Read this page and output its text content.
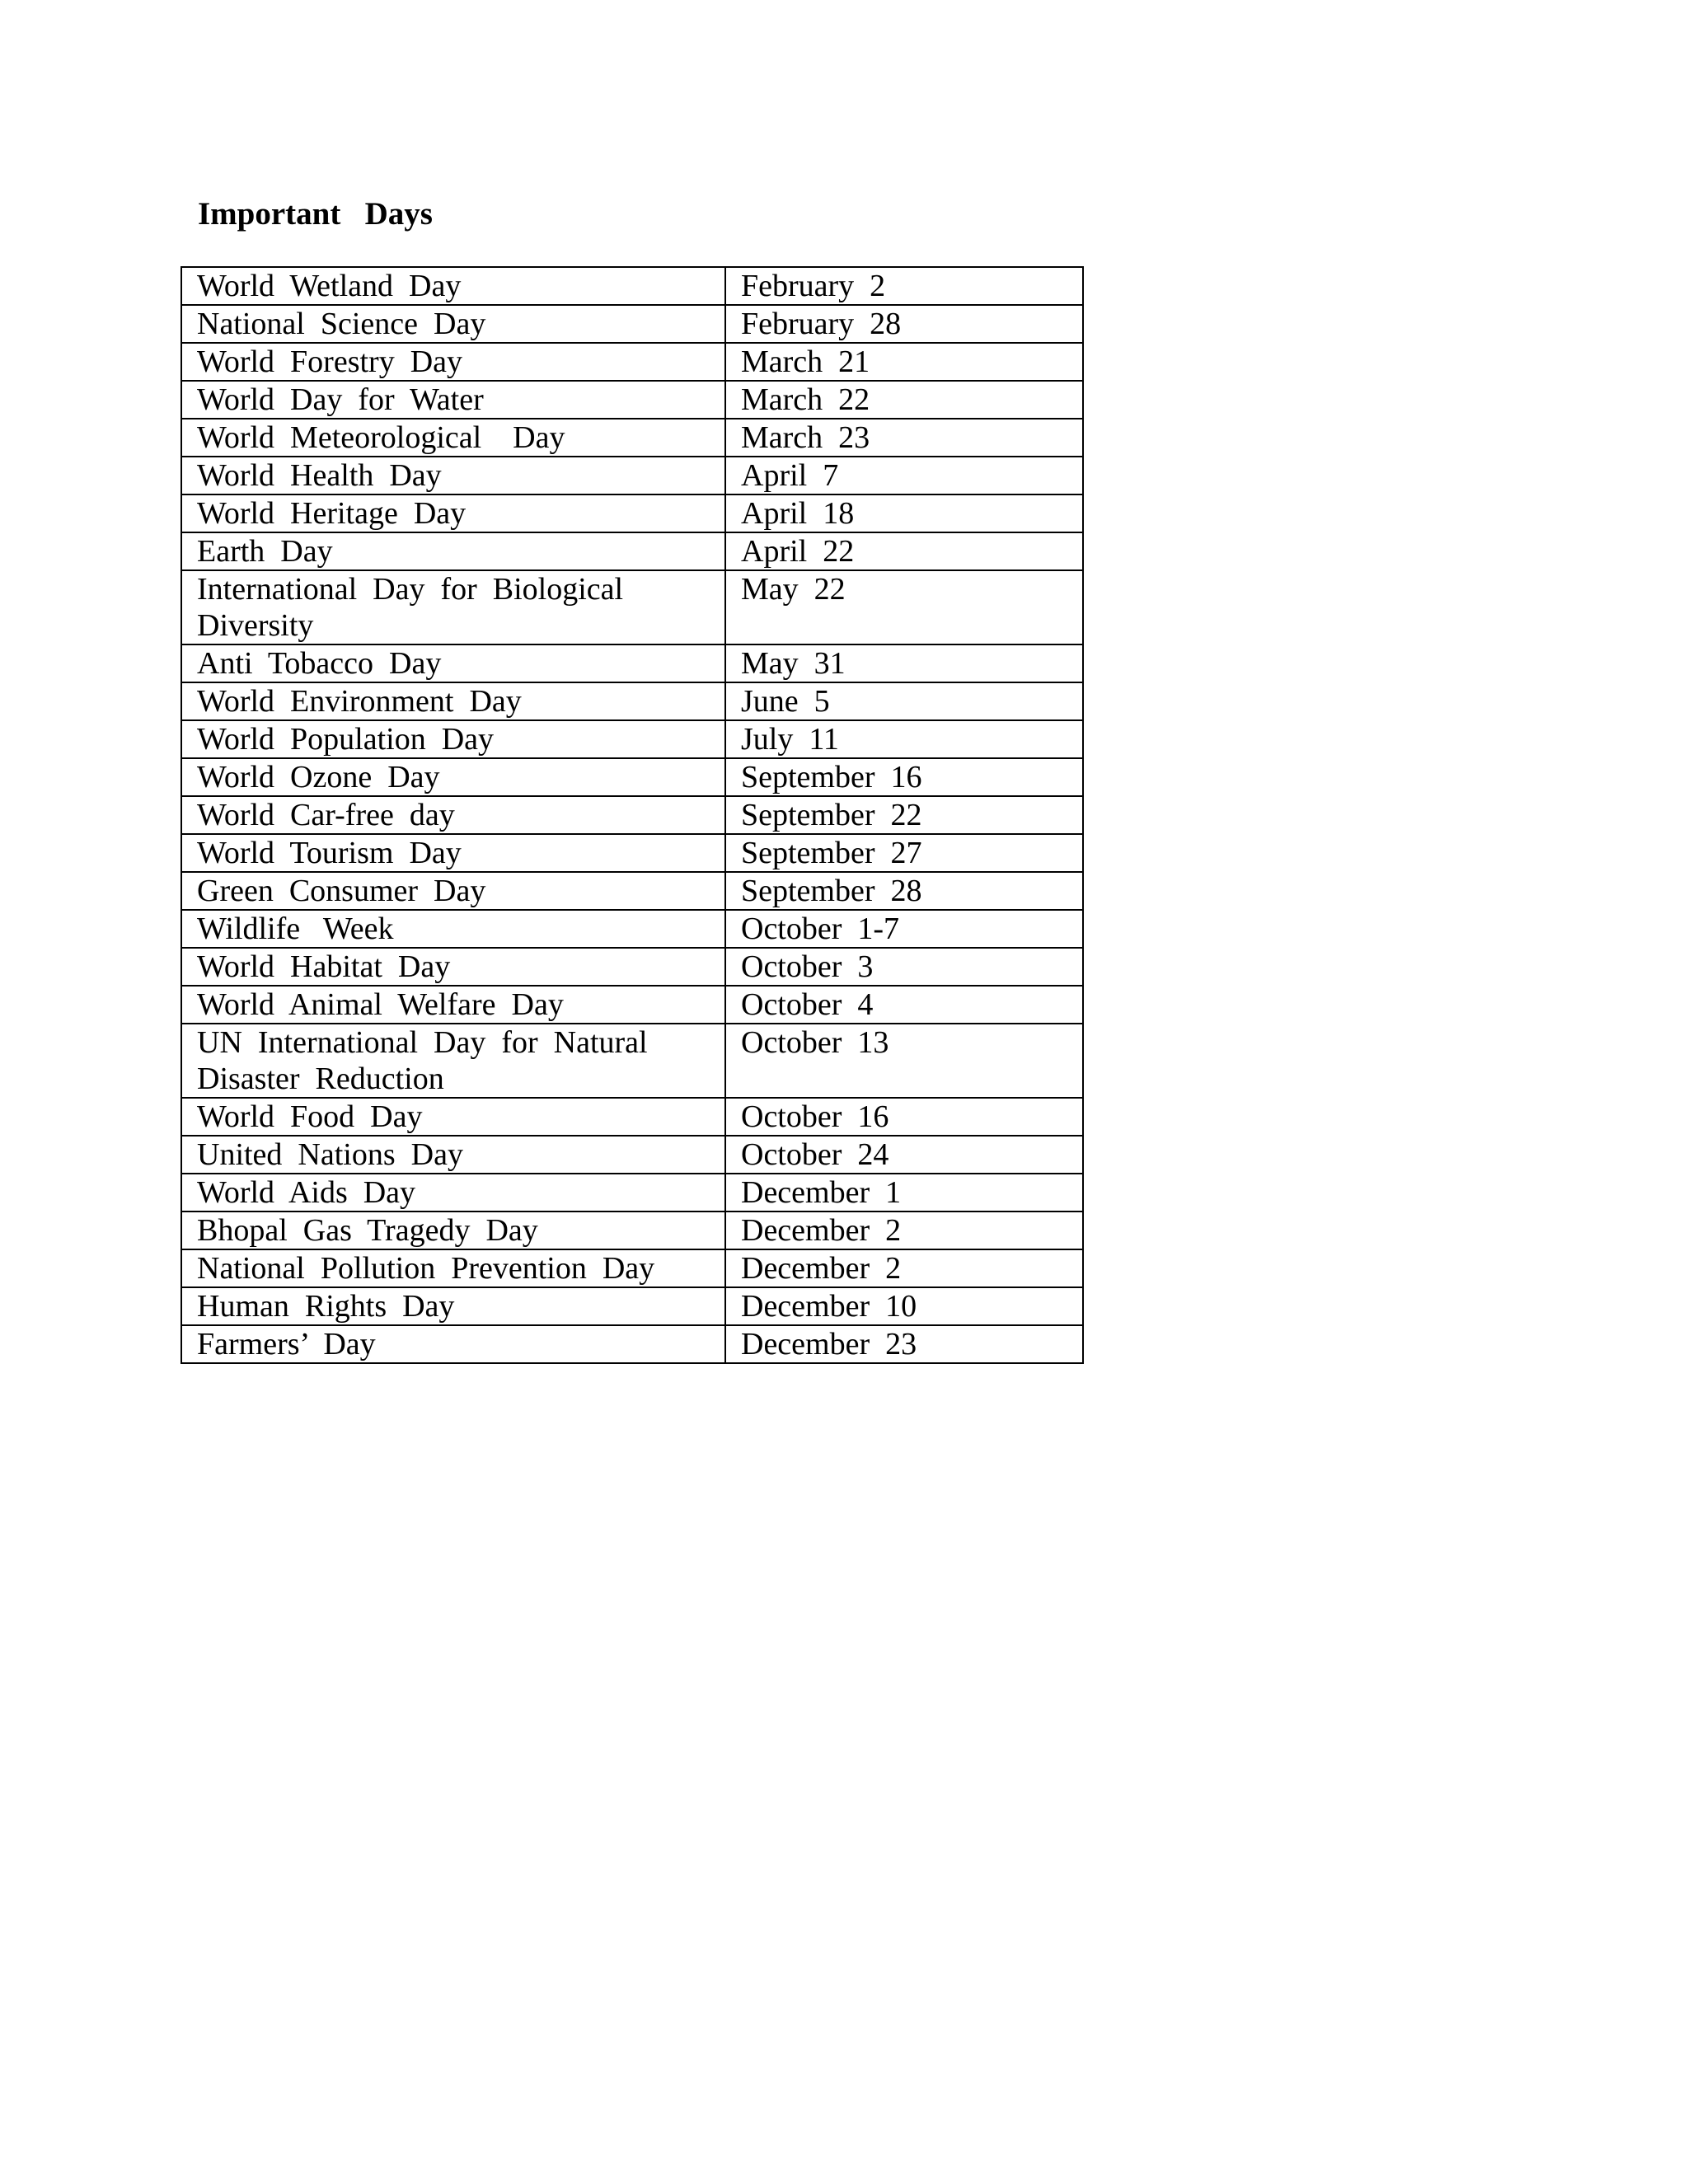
Important   Days
World  Wetland  Day	February  2
National  Science  Day	February  28
World  Forestry  Day	March  21
World  Day  for  Water	March  22
World  Meteorological    Day	March  23
World  Health  Day	April  7
World  Heritage  Day	April  18
Earth  Day	April  22
International  Day  for  Biological
Diversity	May  22
Anti  Tobacco  Day	May  31
World  Environment  Day	June  5
World  Population  Day	July  11
World  Ozone  Day	September  16
World  Car-free  day	September  22
World  Tourism  Day	September  27
Green  Consumer  Day	September  28
Wildlife   Week	October  1-7
World  Habitat  Day	October  3
World  Animal  Welfare  Day	October  4
UN  International  Day  for  Natural
Disaster  Reduction	October  13
World  Food  Day	October  16
United  Nations  Day	October  24
World  Aids  Day	December  1
Bhopal  Gas  Tragedy  Day	December  2
National  Pollution  Prevention  Day	December  2
Human  Rights  Day	December  10
Farmers’  Day	December  23
